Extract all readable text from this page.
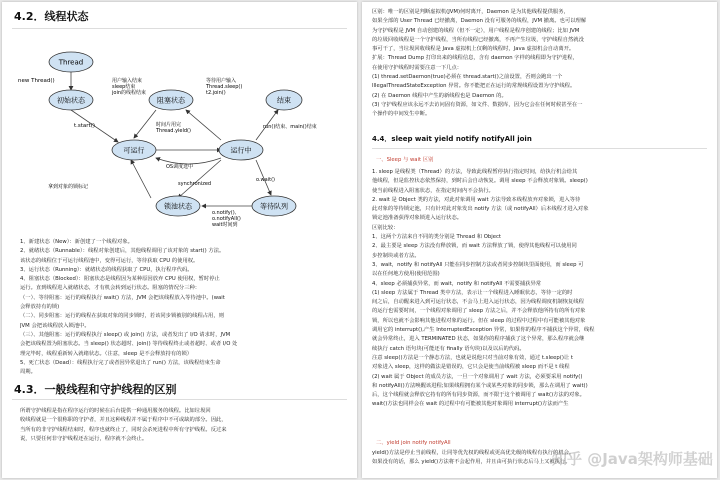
4.2．线程状态
Thread
初始状态	阻塞状态	结束
可运行	运行中
锁池状态	等待队列
new Thread()
t.start()
用户输入结束 sleep结束 join的线程结束
等待用户输入 Thread.sleep() t2.join()
run()结束、main()结束
时间片用完 Thread.yield()
OS调度选中
synchronized
o.wait()
拿到对象的锁标记
o.notify()、 o.notifyAll() wait时间到
1、新建状态（New）：新创建了一个线程对象。
2、就绪状态（Runnable）：线程对象创建后，其他线程调用了该对象的 start() 方法。
该状态的线程位于可运行线程池中，变得可运行，等待获取 CPU 的使用权。
3、运行状态（Running）：就绪状态的线程获取了 CPU，执行程序代码。
4、阻塞状态（Blocked）：阻塞状态是线程因为某种原因放弃 CPU 使用权，暂时停止
运行。直到线程进入就绪状态，才有机会转到运行状态。阻塞的情况分三种：
（一）、等待阻塞：运行的线程执行 wait() 方法，JVM 会把该线程放入等待池中。(wait
会释放持有的锁)
（二）、同步阻塞：运行的线程在获取对象的同步锁时，若该同步锁被别的线程占用，则
JVM 会把该线程放入锁池中。
（三）、其他阻塞：运行的线程执行 sleep() 或 join() 方法，或者发出了 I/O 请求时，JVM
会把该线程置为阻塞状态。当 sleep() 状态超时、join() 等待线程终止或者超时、或者 I/O 处
理完毕时，线程重新转入就绪状态。（注意，sleep 是不会释放持有的锁）
5、死亡状态（Dead）：线程执行完了或者因异常退出了 run() 方法，该线程结束生命
周期。
4.3．一般线程和守护线程的区别
所谓守护线程是指在程序运行的时候在后台提供一种通用服务的线程。比如垃圾回
收线程就是一个很称职的守护者，并且这种线程并不属于程序中不可或缺的部分。因此，
当所有的非守护线程结束时，程序也就终止了，同时会杀死进程中所有守护线程。反过来
说，只要任何非守护线程还在运行，程序就不会终止。
区别：唯一的区别是判断虚拟机(JVM)何时离开，Daemon 是为其他线程提供服务，
如果全部的 User Thread 已经撤离，Daemon 没有可服务的线程，JVM 撤离。也可以理解
为守护线程是 JVM 自动创建的线程（但不一定），用户线程是程序创建的线程；比如 JVM
的垃圾回收线程是一个守护线程，当所有线程已经撤离，不再产生垃圾，守护线程自然就没
事可干了，当垃圾回收线程是 Java 虚拟机上仅剩的线程时，Java 虚拟机会自动离开。
扩展：Thread Dump 打印出来的线程信息，含有 daemon 字样的线程即为守护进程，
在使用守护线程时需要注意一下几点：
(1) thread.setDaemon(true)必须在 thread.start()之前设置，否则会跑出一个
IllegalThreadStateException 异常。你不能把正在运行的常规线程设置为守护线程。
(2) 在 Daemon 线程中产生的新线程也是 Daemon 的。
(3) 守护线程应该永远不去访问固有资源，如文件、数据库，因为它会在任何时候甚至在一
个操作的中间发生中断。
4.4．sleep wait yield notify notifyAll join
一、Sleep 与 wait 区别
1. sleep 是线程类（Thread）的方法，导致此线程暂停执行指定时间，给执行机会给其
他线程，但是监控状态依然保持，到时后会自动恢复。调用 sleep 不会释放对象锁。sleep()
使当前线程进入阻塞状态，在指定时间内不会执行。
2. wait 是 Object 类的方法，对此对象调用 wait 方法导致本线程放弃对象锁，进入等待
此对象的等待锁定池，只有针对此对象发出 notify 方法（或 notifyAll）后本线程才进入对象
锁定池准备获得对象锁进入运行状态。
区别比较：
1、这两个方法来自不同的类分别是 Thread 和 Object
2、最主要是 sleep 方法没有释放锁，而 wait 方法释放了锁，使得其他线程可以使用同
步控制块或者方法。
3、wait，notify 和 notifyAll 只能在同步控制方法或者同步控制块里面使用，而 sleep 可
以在任何地方使用(使用范围)
4、sleep 必须捕获异常，而 wait，notify 和 notifyAll 不需要捕获异常
(1) sleep 方法属于 Thread 类中方法，表示让一个线程进入睡眠状态，等待一定的时
间之后，自动醒来进入到可运行状态，不会马上进入运行状态，因为线程调度机制恢复线程
的运行也需要时间，一个线程对象调用了 sleep 方法之后，并不会释放他所持有的所有对象
锁，所以也就不会影响其他进程对象的运行。但在 sleep 的过程中过程中有可能被其他对象
调用它的 interrupt(),产生 InterruptedException 异常，如果你的程序不捕获这个异常，线程
就会异常终止，进入 TERMINATED 状态，如果你的程序捕获了这个异常，那么程序就会继
续执行 catch 语句块(可能还有 finally 语句块)以及以后的代码。
注意 sleep()方法是一个静态方法，也就是说他只对当前对象有效，通过 t.sleep()让 t
对象进入 sleep，这样的做法是错误的，它只会是使当前线程被 sleep 而不是 t 线程
(2) wait 属于 Object 的成员方法，一旦一个对象调用了 wait 方法，必须要采用 notify()
和 notifyAll()方法唤醒该进程;如果线程拥有某个或某些对象的同步锁，那么在调用了 wait()
后，这个线程就会释放它持有的所有同步资源，而不限于这个被调用了 wait()方法的对象。
wait()方法也同样会在 wait 的过程中有可能被其他对象调用 interrupt()方法而产生
二、yield join notify notifyAll
yield()方法是停止当前线程，让同等优先权的线程或更高优先级的线程有执行的机会。
如果没有的话，那么 yield()方法将不会起作用，并且由可执行状态后马上又被执行。
知乎 @Java架构师基础
